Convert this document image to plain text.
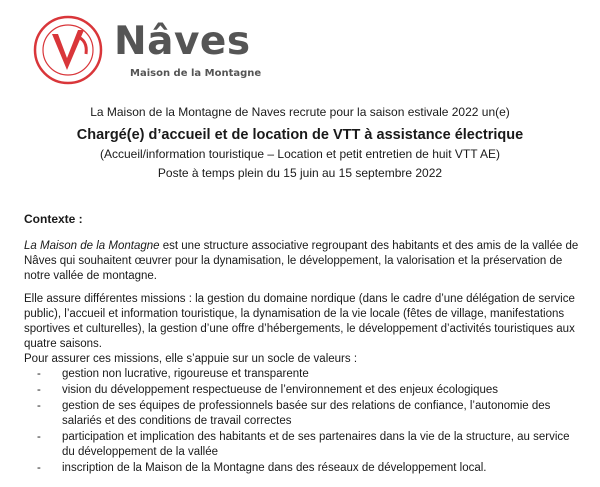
Nâves
Maison de la Montagne
La Maison de la Montagne de Naves recrute pour la saison estivale 2022 un(e)
Chargé(e) d’accueil et de location de VTT à assistance électrique
(Accueil/information touristique – Location et petit entretien de huit VTT AE)
Poste à temps plein du 15 juin au 15 septembre 2022
Contexte :

La Maison de la Montagne est une structure associative regroupant des habitants et des amis de la vallée de Nâves qui souhaitent œuvrer pour la dynamisation, le développement, la valorisation et la préservation de notre vallée de montagne.

Elle assure différentes missions : la gestion du domaine nordique (dans le cadre d’une délégation de service public), l’accueil et information touristique, la dynamisation de la vie locale (fêtes de village, manifestations sportives et culturelles), la gestion d’une offre d’hébergements, le développement d’activités touristiques aux quatre saisons.

Pour assurer ces missions, elle s’appuie sur un socle de valeurs :

- gestion non lucrative, rigoureuse et transparente
- vision du développement respectueuse de l’environnement et des enjeux écologiques
- gestion de ses équipes de professionnels basée sur des relations de confiance, l’autonomie des salariés et des conditions de travail correctes
- participation et implication des habitants et de ses partenaires dans la vie de la structure, au service du développement de la vallée
- inscription de la Maison de la Montagne dans des réseaux de développement local.
